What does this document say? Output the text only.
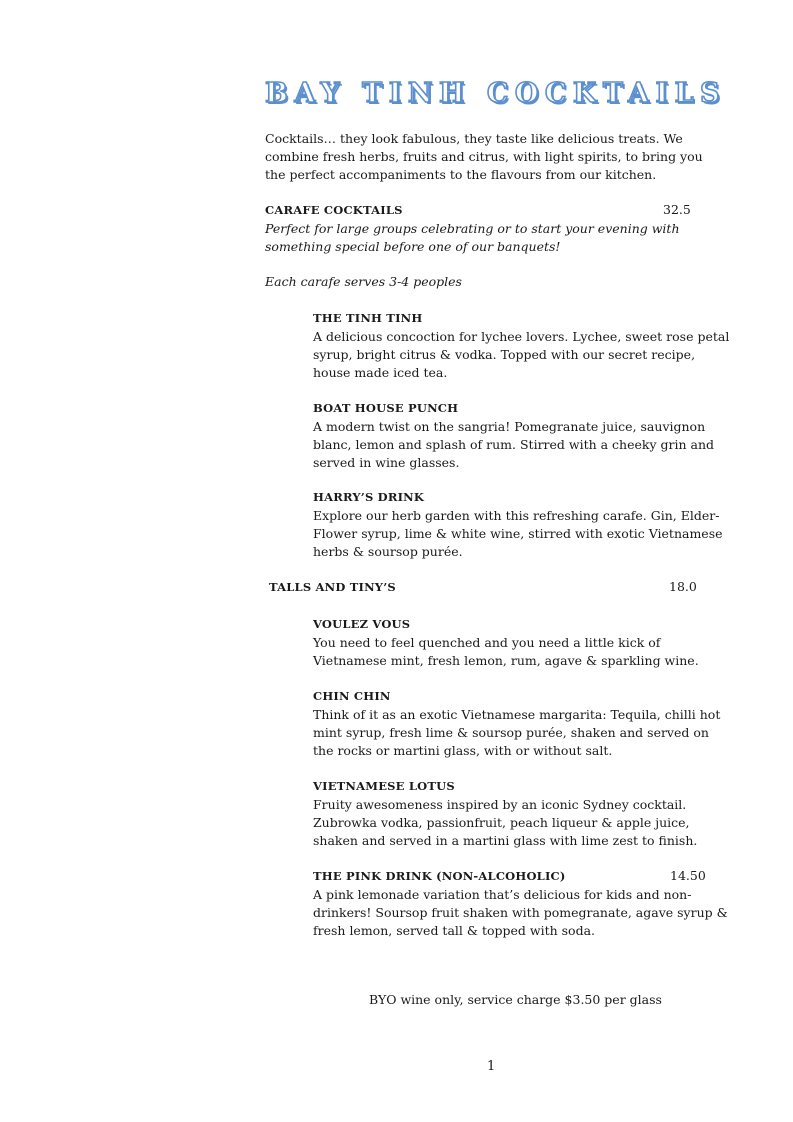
BAY TINH COCKTAILS

Cocktails… they look fabulous, they taste like delicious treats. We combine fresh herbs, fruits and citrus, with light spirits, to bring you the perfect accompaniments to the flavours from our kitchen.

CARAFE COCKTAILS	32.5

Perfect for large groups celebrating or to start your evening with something special before one of our banquets!

Each carafe serves 3-4 peoples

THE TINH TINH

A delicious concoction for lychee lovers. Lychee, sweet rose petal syrup, bright citrus & vodka. Topped with our secret recipe, house made iced tea.

BOAT HOUSE PUNCH

A modern twist on the sangria! Pomegranate juice, sauvignon blanc, lemon and splash of rum. Stirred with a cheeky grin and served in wine glasses.

HARRY’S DRINK

Explore our herb garden with this refreshing carafe. Gin, Elder-Flower syrup, lime & white wine, stirred with exotic Vietnamese herbs & soursop purée.

TALLS AND TINY’S	18.0
VOULEZ VOUS

You need to feel quenched and you need a little kick of Vietnamese mint, fresh lemon, rum, agave & sparkling wine.

CHIN CHIN

Think of it as an exotic Vietnamese margarita: Tequila, chilli hot mint syrup, fresh lime & soursop purée, shaken and served on the rocks or martini glass, with or without salt.

VIETNAMESE LOTUS

Fruity awesomeness inspired by an iconic Sydney cocktail. Zubrowka vodka, passionfruit, peach liqueur & apple juice, shaken and served in a martini glass with lime zest to finish.

THE PINK DRINK (NON-ALCOHOLIC)	14.50

A pink lemonade variation that’s delicious for kids and non-drinkers! Soursop fruit shaken with pomegranate, agave syrup & fresh lemon, served tall & topped with soda.

BYO wine only, service charge $3.50 per glass
1
